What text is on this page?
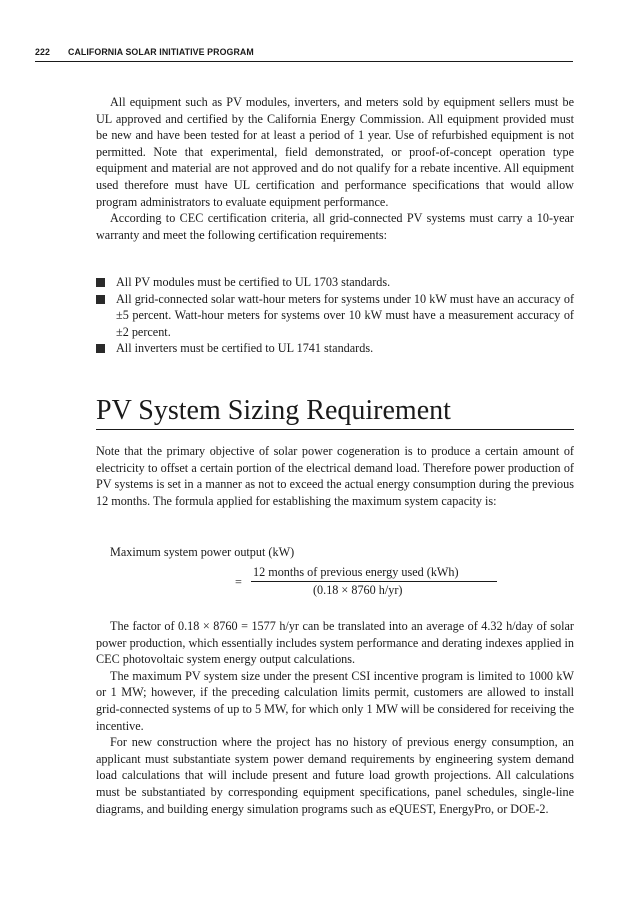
222 CALIFORNIA SOLAR INITIATIVE PROGRAM

All equipment such as PV modules, inverters, and meters sold by equipment sellers must be UL approved and certified by the California Energy Commission. All equipment provided must be new and have been tested for at least a period of 1 year. Use of refurbished equipment is not permitted. Note that experimental, field demonstrated, or proof-of-concept operation type equipment and material are not approved and do not qualify for a rebate incentive. All equipment used therefore must have UL certification and performance specifications that would allow program administrators to evaluate equipment performance.

According to CEC certification criteria, all grid-connected PV systems must carry a 10-year warranty and meet the following certification requirements:

All PV modules must be certified to UL 1703 standards.
All grid-connected solar watt-hour meters for systems under 10 kW must have an accuracy of ±5 percent. Watt-hour meters for systems over 10 kW must have a measurement accuracy of ±2 percent.
All inverters must be certified to UL 1741 standards.
PV System Sizing Requirement

Note that the primary objective of solar power cogeneration is to produce a certain amount of electricity to offset a certain portion of the electrical demand load. Therefore power production of PV systems is set in a manner as not to exceed the actual energy consumption during the previous 12 months. The formula applied for establishing the maximum system capacity is:

Maximum system power output (kW)
=
12 months of previous energy used (kWh)
(0.18 × 8760 h/yr)

The factor of 0.18 × 8760 = 1577 h/yr can be translated into an average of 4.32 h/day of solar power production, which essentially includes system performance and derating indexes applied in CEC photovoltaic system energy output calculations.

The maximum PV system size under the present CSI incentive program is limited to 1000 kW or 1 MW; however, if the preceding calculation limits permit, customers are allowed to install grid-connected systems of up to 5 MW, for which only 1 MW will be considered for receiving the incentive.

For new construction where the project has no history of previous energy consumption, an applicant must substantiate system power demand requirements by engineering system demand load calculations that will include present and future load growth projections. All calculations must be substantiated by corresponding equipment specifications, panel schedules, single-line diagrams, and building energy simulation programs such as eQUEST, EnergyPro, or DOE-2.
